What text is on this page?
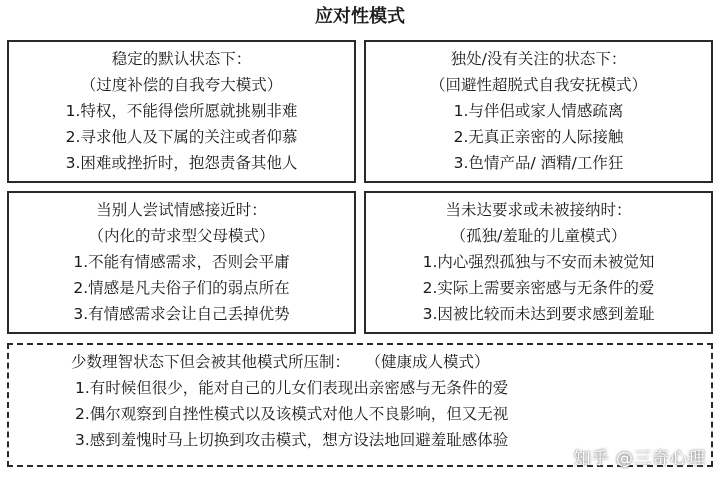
应对性模式
稳定的默认状态下：
（过度补偿的自我夸大模式）
1.特权，不能得偿所愿就挑剔非难
2.寻求他人及下属的关注或者仰慕
3.困难或挫折时，抱怨责备其他人
独处/没有关注的状态下：
（回避性超脱式自我安抚模式）
1.与伴侣或家人情感疏离
2.无真正亲密的人际接触
3.色情产品/ 酒精/工作狂
当别人尝试情感接近时：
（内化的苛求型父母模式）
1.不能有情感需求，否则会平庸
2.情感是凡夫俗子们的弱点所在
3.有情感需求会让自己丢掉优势
当未达要求或未被接纳时：
（孤独/羞耻的儿童模式）
1.内心强烈孤独与不安而未被觉知
2.实际上需要亲密感与无条件的爱
3.因被比较而未达到要求感到羞耻
少数理智状态下但会被其他模式所压制：　　（健康成人模式）
1.有时候但很少，能对自己的儿女们表现出亲密感与无条件的爱
2.偶尔观察到自挫性模式以及该模式对他人不良影响，但又无视
3.感到羞愧时马上切换到攻击模式，想方设法地回避羞耻感体验
知乎 @三奇心理
